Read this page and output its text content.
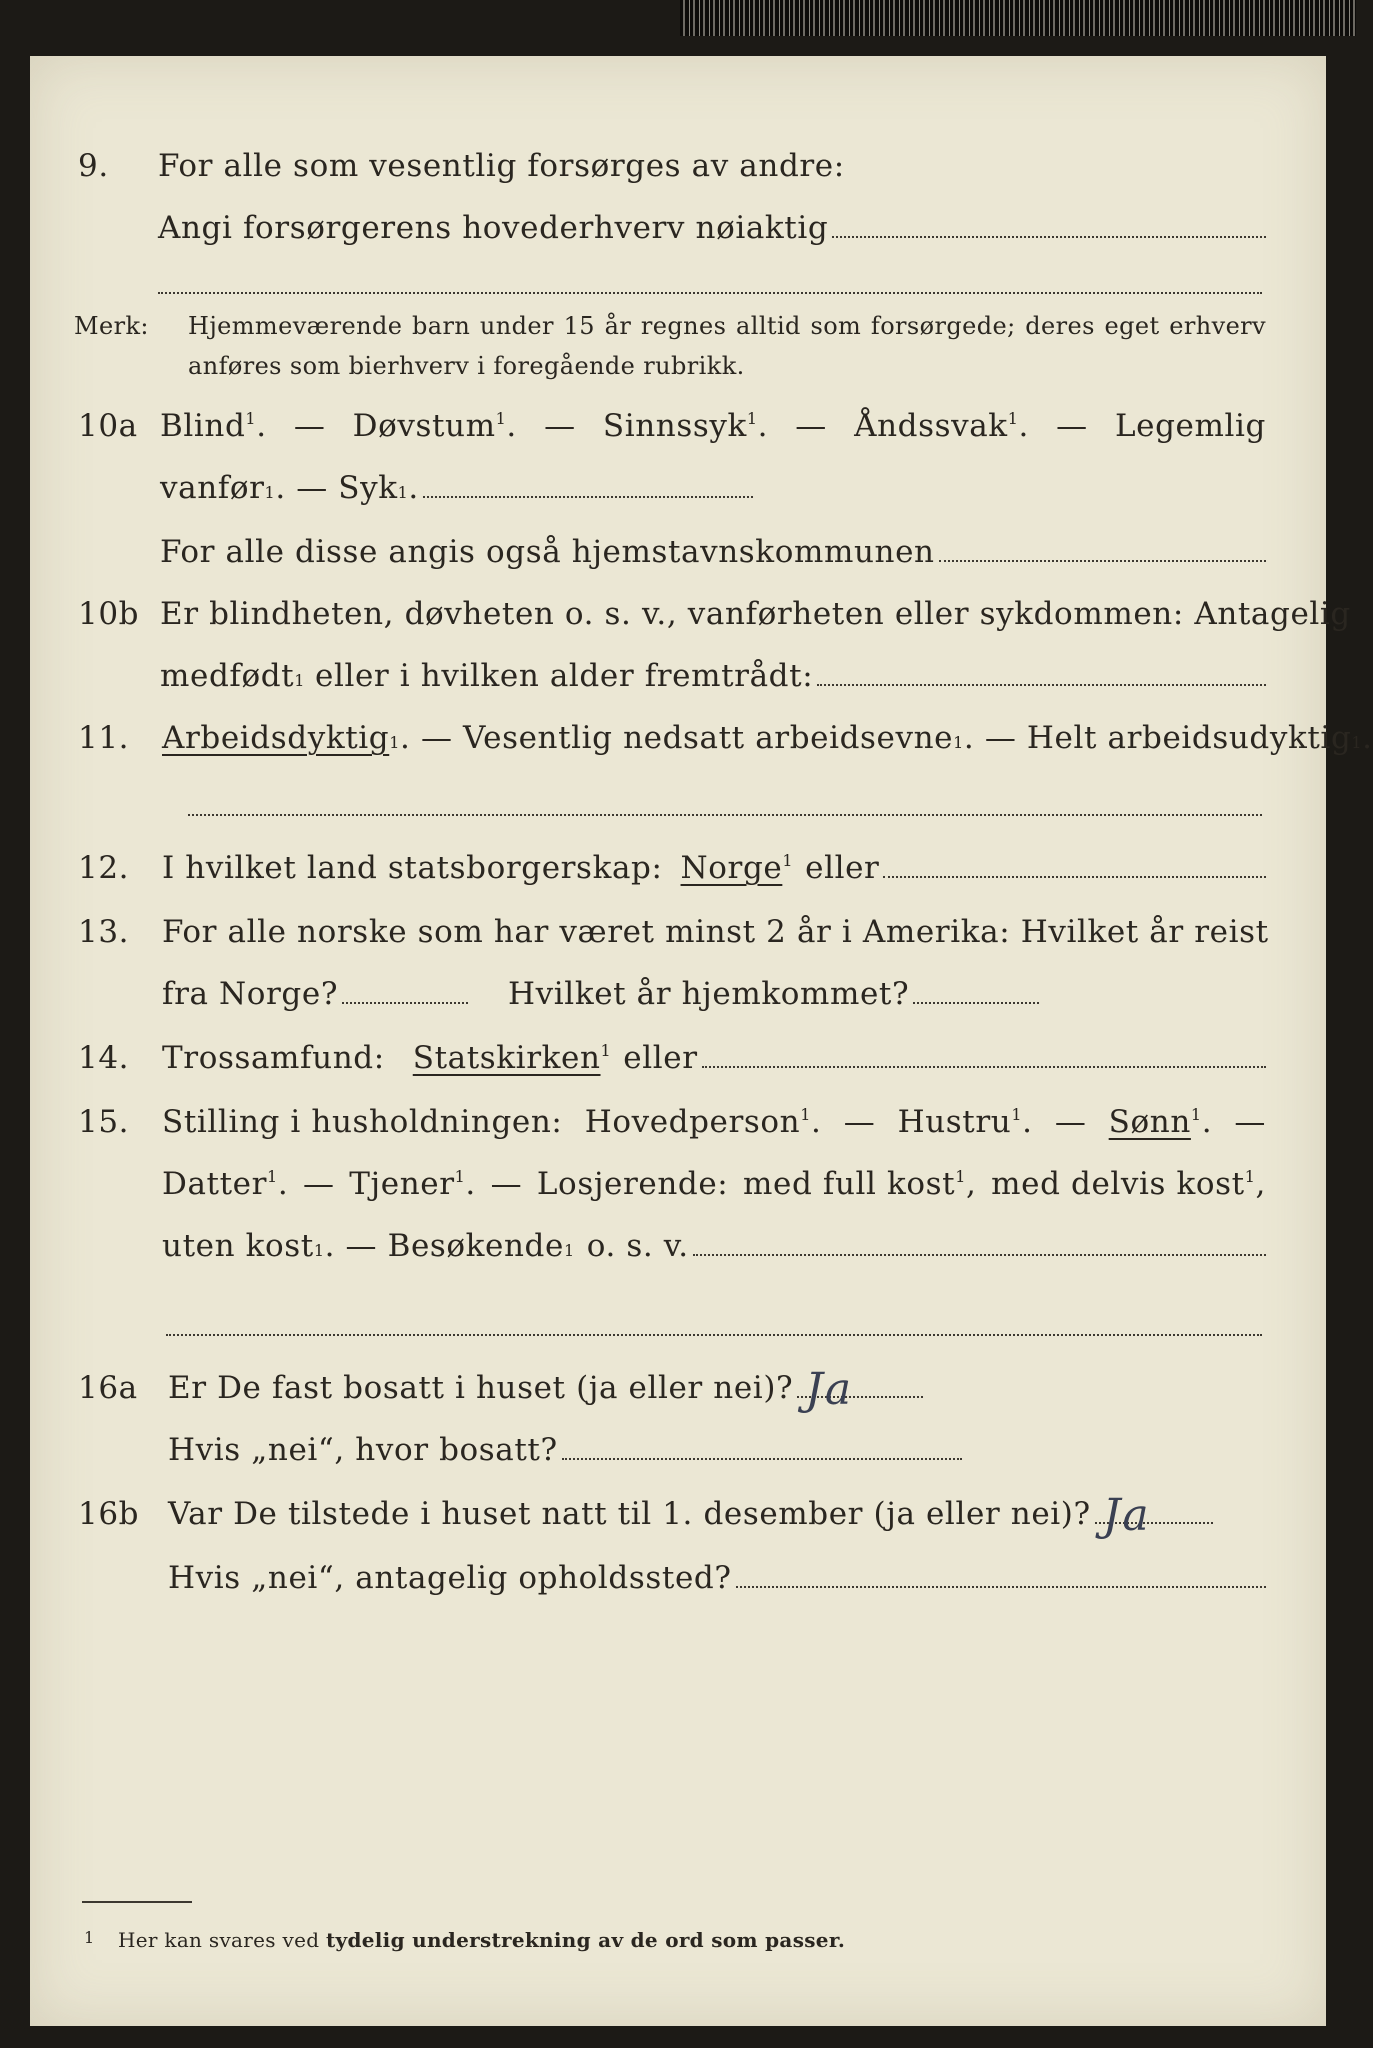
9.	For alle som vesentlig forsørges av andre:
Angi forsørgerens hovederhverv nøiaktig
Merk: Hjemmeværende barn under 15 år regnes alltid som forsørgede; deres eget erhverv
anføres som bierhverv i foregående rubrikk.
10a Blind$^1$. — Døvstum$^1$. — Sinnssyk$^1$. — Åndssvak$^1$. — Legemlig
vanfør 1 . — Syk 1 .
For alle disse angis også hjemstavnskommunen
10b Er blindheten, døvheten o. s. v., vanførheten eller sykdommen: Antagelig
medfødt 1 eller i hvilken alder fremtrådt:
11.	Arbeidsdyktig 1 . — Vesentlig nedsatt arbeidsevne 1 . — Helt arbeidsudyktig 1 .
12.	I hvilket land statsborgerskap: Norge$^1$ eller
13.	For alle norske som har været minst 2 år i Amerika: Hvilket år reist
fra Norge?	Hvilket år hjemkommet?
14.	Trossamfund: Statskirken$^1$ eller
15.	Stilling i husholdningen: Hovedperson$^1$. — Hustru$^1$. — Sønn$^1$. —
Datter$^1$. — Tjener$^1$. — Losjerende: med full kost$^1$, med delvis kost$^1$,
uten kost 1 . — Besøkende 1 o. s. v.
16a Er De fast bosatt i huset (ja eller nei)? Ja
Hvis „nei“, hvor bosatt?
16b Var De tilstede i huset natt til 1. desember (ja eller nei)? Ja
Hvis „nei“, antagelig opholdssted?
1 Her kan svares ved tydelig understrekning av de ord som passer.
